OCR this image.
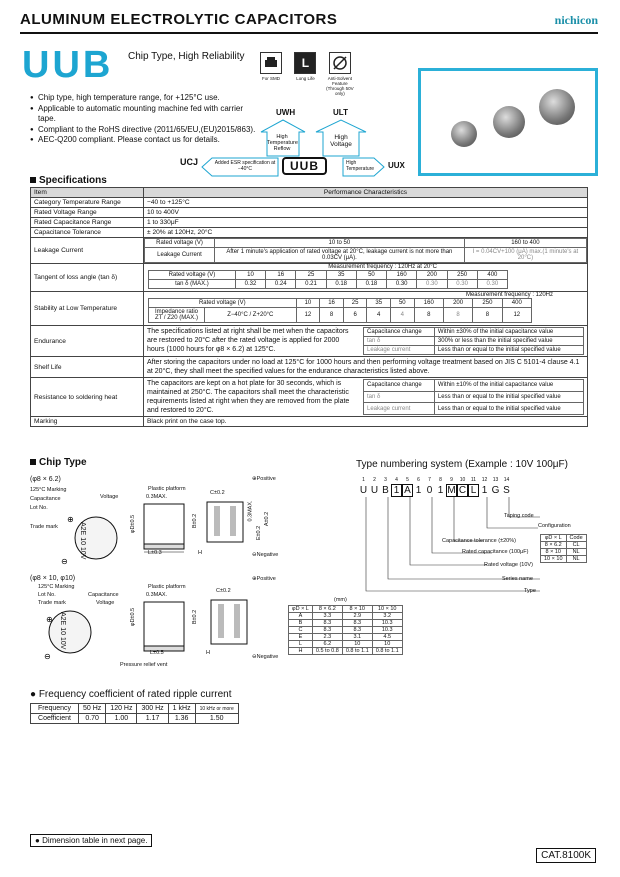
ALUMINUM ELECTROLYTIC CAPACITORS	nichicon
UUB Chip Type, High Reliability
For SMD

L
Long Life
	Anti-Solvent Feature (Through 50V only)
● Chip type, high temperature range, for +125°C use.
● Applicable to automatic mounting machine fed with carrier tape.
● Compliant to the RoHS directive (2011/65/EU,(EU)2015/863).
● AEC-Q200 compliant. Please contact us for details.
UWH	ULT
High Temperature Reflow
High Voltage
UCJ	Added ESR specification at −40°C	UUB	High Temperature UUX
Specifications
Item	Performance Characteristics
Category Temperature Range	−40 to +125°C
Rated Voltage Range	10 to 400V
Rated Capacitance Range	1 to 330μF
Capacitance Tolerance	± 20% at 120Hz, 20°C
Leakage Current	
Rated voltage (V)	10 to 50	160 to 400
Leakage Current	After 1 minute's application of rated voltage at 20°C, leakage current is not more than 0.03CV (μA).	I = 0.04CV+100 (μA) max.(1 minute's at 20°C)

Tangent of loss angle (tan δ)	
Measurement frequency : 120Hz at 20°C
Rated voltage (V)	10	16	25	35	50	160	200	250	400
tan δ (MAX.)	0.32	0.24	0.21	0.18	0.18	0.30	0.30	0.30	0.30

Stability at Low Temperature	
Measurement frequency : 120Hz
Rated voltage (V)	10	16	25	35	50	160	200	250	400
Impedance ratio ZT / Z20 (MAX.)	Z−40°C / Z+20°C	12	8	6	4	4	8	8	8	12

Endurance	
The specifications listed at right shall be met when the capacitors are restored to 20°C after the rated voltage is applied for 2000 hours (1000 hours for φ8 × 6.2) at 125°C.
Capacitance change	Within ±30% of the initial capacitance value
tan δ	300% or less than the initial specified value
Leakage current	Less than or equal to the initial specified value

Shelf Life	After storing the capacitors under no load at 125°C for 1000 hours and then performing voltage treatment based on JIS C 5101-4 clause 4.1 at 20°C, they shall meet the specified values for the endurance characteristics listed above.
Resistance to soldering heat	
The capacitors are kept on a hot plate for 30 seconds, which is maintained at 250°C. The capacitors shall meet the characteristic requirements listed at right when they are removed from the plate and restored to 20°C.
Capacitance change	Within ±10% of the initial capacitance value
tan δ	Less than or equal to the initial specified value
Leakage current	Less than or equal to the initial specified value

Marking	Black print on the case top.
Chip Type
(φ8 × 6.2)
(φ8 × 10, φ10)
125°C Marking
Capacitance
Lot No.
Trade mark
Voltage
⊕
⊖
A2E 10 10V
Plastic platform
0.3MAX.
φD±0.5
L±0.3
C±0.2
B±0.2
H
⊕Positive
⊖Negative
0.3MAX.
E±0.2
A±0.2
125°C Marking
Lot No.
Trade mark
Capacitance
Voltage
⊕
⊖
A2E 10 10V
Plastic platform
0.3MAX.
φD±0.5
L±0.5
Pressure relief vent
C±0.2
B±0.2
H
⊕Positive
⊖Negative
(mm)
φD × L	8 × 6.2	8 × 10	10 × 10
A	3.3	2.9	3.2
B	8.3	8.3	10.3
C	8.3	8.3	10.3
E	2.3	3.1	4.5
L	6.2	10	10
H	0.5 to 0.8	0.8 to 1.1	0.8 to 1.1
Type numbering system (Example : 10V 100μF)
1 2 3 4 5 6 7 8 9 10 11 12 13 14
U U B 1 A 1 0 1 M C L 1 G S
Taping code
Configuration
Capacitance tolerance (±20%)
Rated capacitance (100μF)
Rated voltage (10V)
Series name
Type
φD × L	Code
8 × 6.2	CL
8 × 10	NL
10 × 10	NL
● Frequency coefficient of rated ripple current
Frequency	50 Hz	120 Hz	300 Hz	1 kHz	10 kHz or more
Coefficient	0.70	1.00	1.17	1.36	1.50
● Dimension table in next page.
CAT.8100K
